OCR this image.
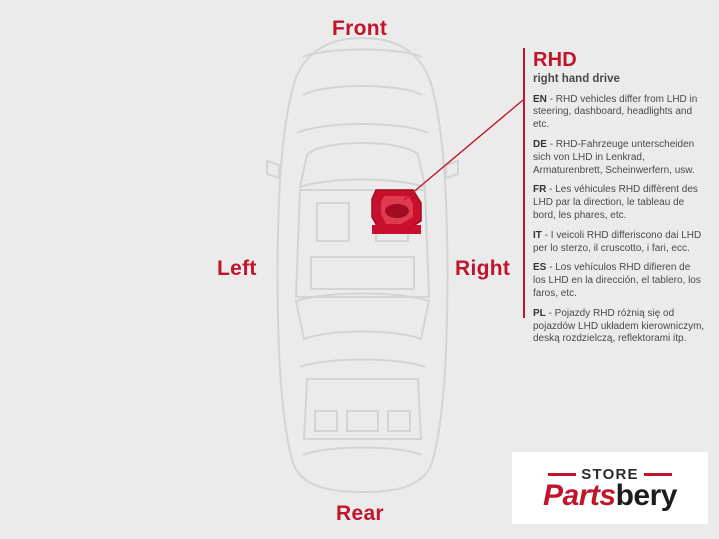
Front
Rear
Left	Right
RHD
right hand drive
EN - RHD vehicles differ from LHD in steering, dashboard, headlights and etc.
DE - RHD-Fahrzeuge unterscheiden sich von LHD in Lenkrad, Armaturenbrett, Scheinwerfern, usw.
FR - Les véhicules RHD diffèrent des LHD par la direction, le tableau de bord, les phares, etc.
IT - I veicoli RHD differiscono dai LHD per lo sterzo, il cruscotto, i fari, ecc.
ES - Los vehículos RHD difieren de los LHD en la dirección, el tablero, los faros, etc.
PL - Pojazdy RHD różnią się od pojazdów LHD układem kierowniczym, deską rozdzielczą, reflektorami itp.
STORE
Partsbery
